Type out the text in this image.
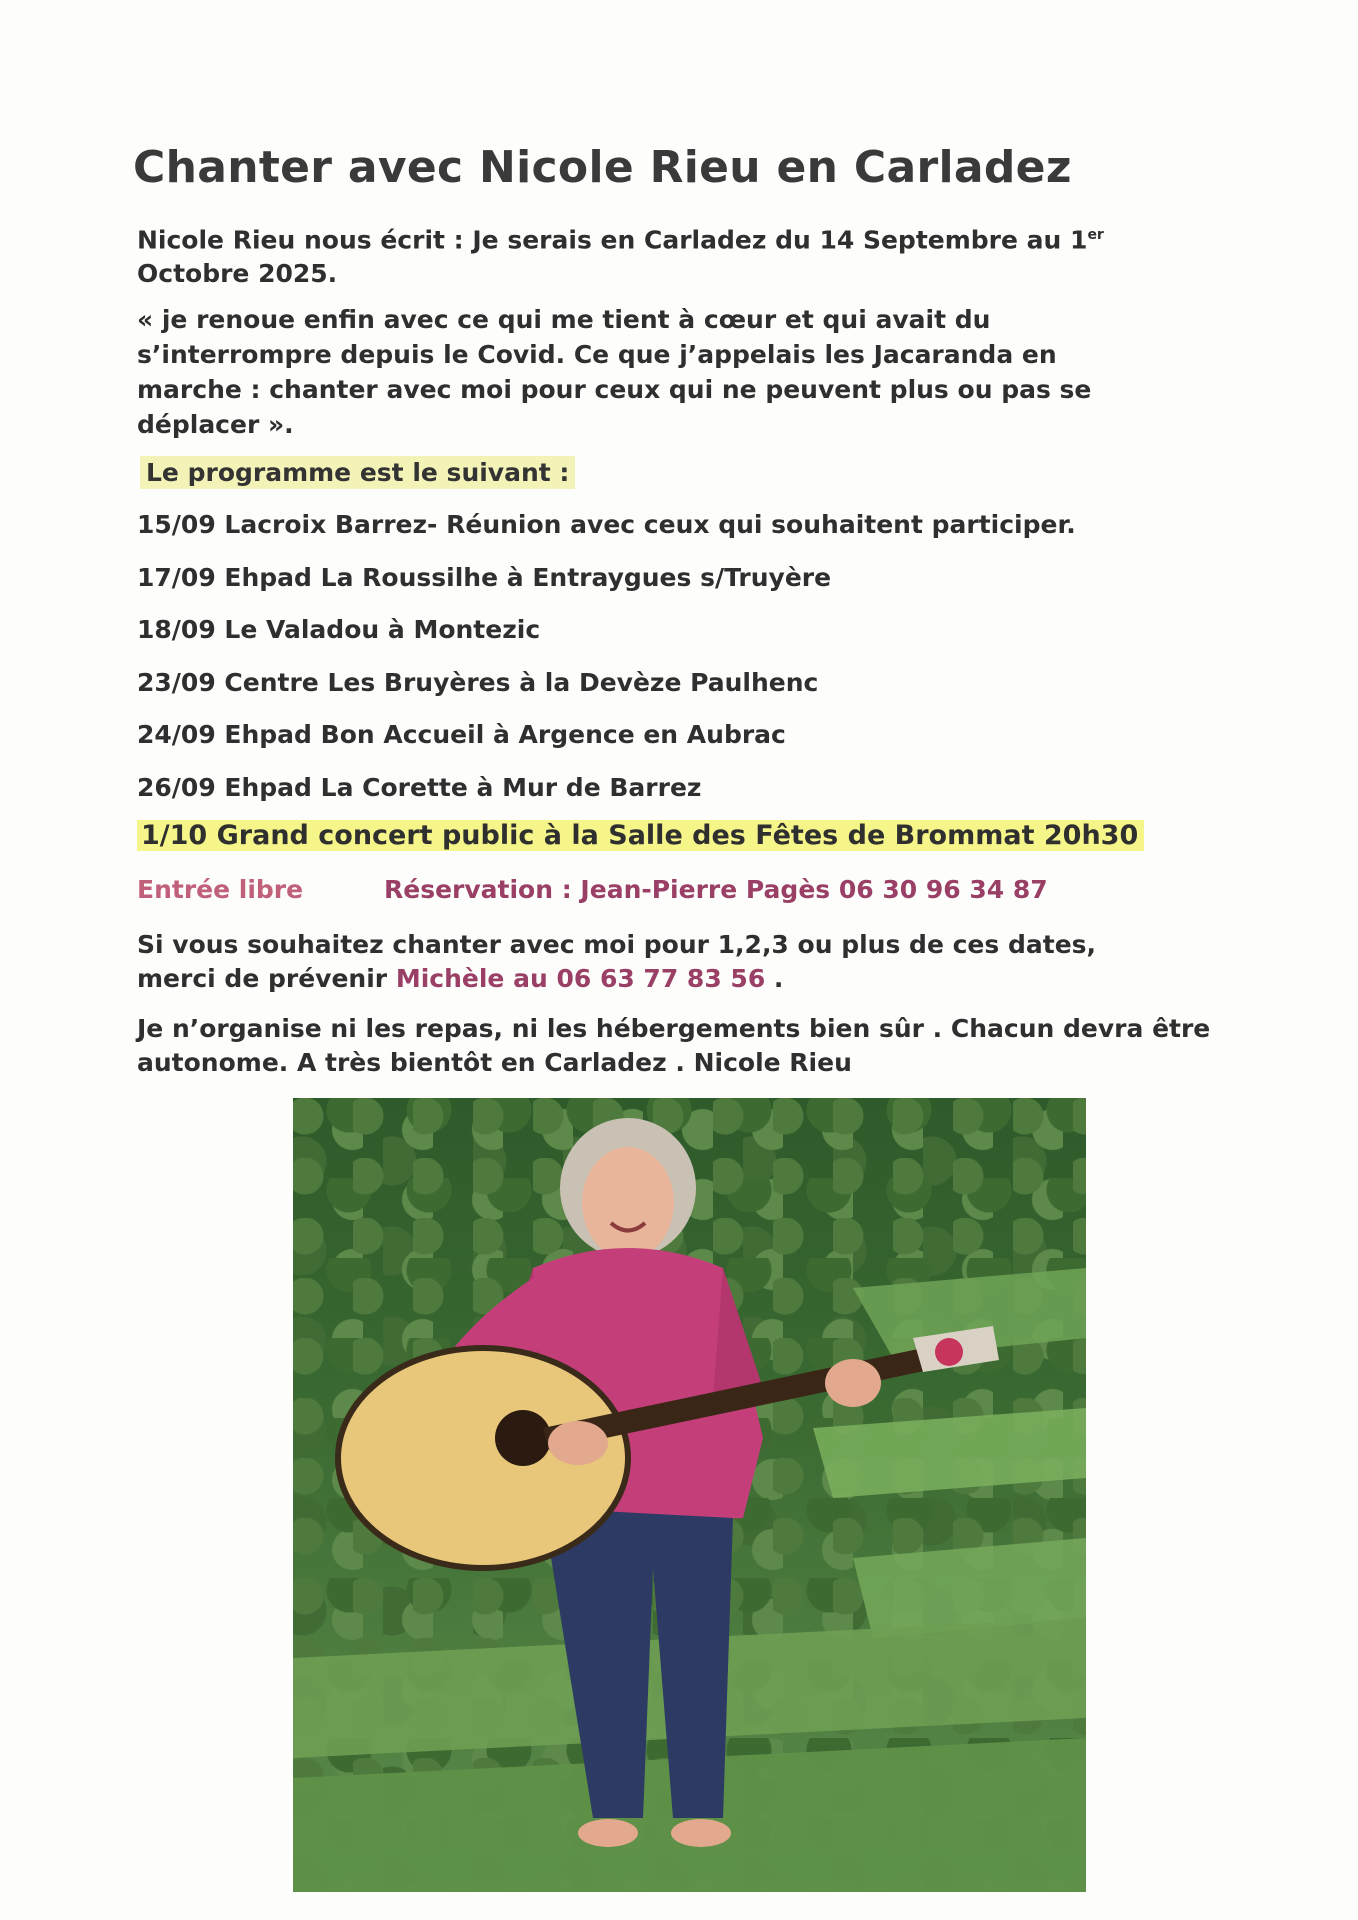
Chanter avec Nicole Rieu en Carladez
Nicole Rieu nous écrit : Je serais en Carladez du 14 Septembre au 1er Octobre 2025.
« je renoue enfin avec ce qui me tient à cœur et qui avait du s’interrompre depuis le Covid. Ce que j’appelais les Jacaranda en marche : chanter avec moi pour ceux qui ne peuvent plus ou pas se déplacer ».
Le programme est le suivant :
15/09 Lacroix Barrez- Réunion avec ceux qui souhaitent participer.
17/09 Ehpad La Roussilhe à Entraygues s/Truyère
18/09 Le Valadou à Montezic
23/09 Centre Les Bruyères à la Devèze Paulhenc
24/09 Ehpad Bon Accueil à Argence en Aubrac
26/09 Ehpad La Corette à Mur de Barrez
1/10 Grand concert public à la Salle des Fêtes de Brommat 20h30
Entrée libre	Réservation : Jean-Pierre Pagès 06 30 96 34 87
Si vous souhaitez chanter avec moi pour 1,2,3 ou plus de ces dates,
merci de prévenir Michèle au 06 63 77 83 56 .
Je n’organise ni les repas, ni les hébergements bien sûr . Chacun devra être autonome. A très bientôt en Carladez . Nicole Rieu
